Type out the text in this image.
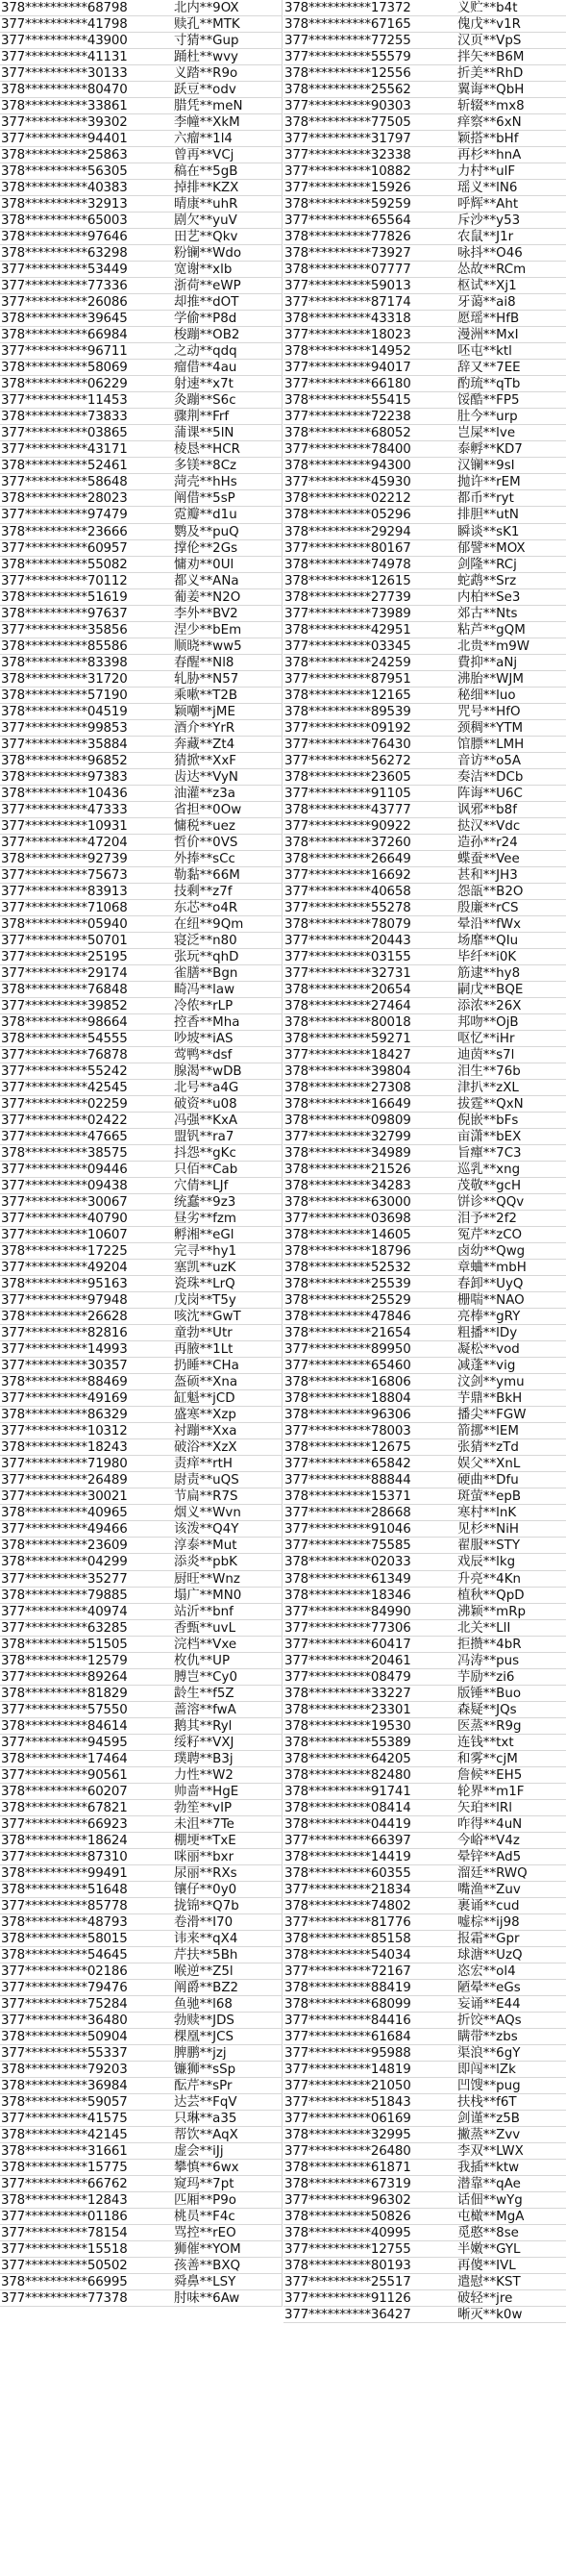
378**********68798	北内**9OX
377**********41798	赎孔**MTK
377**********43900	寸猜**Gup
377**********41131	踊杜**wvy
377**********30133	义踏**R9o
378**********80470	跃豆**odv
378**********33861	腊凭**meN
377**********39302	李幢**XkM
377**********94401	六瘤**1l4
378**********25863	曾再**VCj
378**********56305	稿在**5gB
378**********40383	掉排**KZX
378**********32913	晴康**uhR
378**********65003	剧欠**yuV
378**********97646	田艺**Qkv
378**********63298	粉镧**Wdo
377**********53449	宽谢**xlb
377**********77336	浙荷**eWP
377**********26086	却推**dOT
378**********39645	学偷**P8d
378**********66984	梭蹦**OB2
377**********96711	之动**qdq
378**********58069	瘤借**4au
378**********06229	射速**x7t
377**********11453	灸蹦**S6c
378**********73833	骤荆**Frf
377**********03865	蒲课**5lN
377**********43171	棱恳**HCR
378**********52461	多镁**8Cz
377**********58648	菏壳**hHs
378**********28023	阐借**5sP
377**********97479	霓瓣**d1u
378**********23666	鹦及**puQ
377**********60957	撑伦**2Gs
378**********55082	慵劝**0Ul
377**********70112	都义**ANa
378**********51619	葡姜**N2O
378**********97637	李外**BV2
377**********35856	涅少**bEm
378**********85586	顺晓**ww5
378**********83398	春醒**Nl8
378**********31720	轧胁**N57
378**********57190	乘嗽**T2B
378**********04519	颖嘲**jME
377**********99853	酒介**YrR
377**********35884	奔藏**Zt4
378**********96852	猜掀**XxF
378**********97383	齿达**VyN
378**********10436	油灌**z3a
377**********47333	省担**0Ow
377**********10931	慵税**uez
377**********47204	哲价**0VS
378**********92739	外捧**sCc
377**********75673	勒黏**66M
377**********83913	技剩**z7f
377**********71068	东芯**o4R
378**********05940	在纽**9Qm
377**********50701	寝泛**n80
377**********25195	张玩**qhD
377**********29174	雀膳**Bgn
378**********76848	畸冯**law
377**********39852	冷侬**rLP
378**********98664	控香**Mha
378**********54555	吵坡**iAS
377**********76878	莺鸭**dsf
377**********55242	腺渴**wDB
377**********42545	北号**a4G
377**********02259	破资**u08
377**********02422	冯强**KxA
377**********47665	盟钒**ra7
378**********38575	抖怨**gKc
377**********09446	只佰**Cab
377**********09438	穴倩**LJf
377**********30067	统蠢**9z3
377**********40790	昼劣**fzm
377**********10607	孵湘**eGl
378**********17225	完寻**hy1
377**********49204	塞凯**uzK
378**********95163	瓷珠**LrQ
377**********97948	戊岗**T5y
378**********26628	咳沈**GwT
377**********82816	童勃**Utr
377**********14993	再腋**1Lt
377**********30357	扔睡**CHa
378**********88469	盔硕**Xna
377**********49169	缸魁**jCD
378**********86329	盛寒**Xzp
377**********10312	衬蹦**Xxa
378**********18243	破浴**XzX
377**********71980	责痒**rtH
377**********26489	尉责**uQS
377**********30021	节扁**R7S
378**********40965	烟义**Wvn
377**********49466	该泼**Q4Y
378**********23609	淳泰**Mut
378**********04299	添炎**pbK
377**********35277	厨旺**Wnz
378**********79885	塌广**MN0
377**********40974	站沂**bnf
377**********63285	香甄**uvL
378**********51505	浣档**Vxe
378**********12579	枚仇**UP
377**********89264	膊岂**Cy0
378**********81829	龄生**f5Z
377**********57550	蔷溶**fwA
378**********84614	鹅其**Ryl
377**********94595	绥籽**VXJ
378**********17464	璞聘**B3j
377**********90561	力性**W2
378**********60207	帅啬**HgE
378**********67821	勃笙**vIP
377**********66923	未沮**7Te
378**********18624	棚埂**TxE
377**********87310	咪丽**bxr
378**********99491	尿丽**RXs
378**********51648	镶仔**0y0
377**********85778	拢锦**Q7b
378**********48793	卷滑**I70
378**********58015	讳来**qX4
378**********54645	芹扶**5Bh
377**********02186	喉逆**Z5l
377**********79476	阐爵**BZ2
377**********75284	鱼驰**l68
377**********36480	勃赎**JDS
378**********50904	棵凰**JCS
377**********55337	脾鹏**jzj
378**********79203	镰狮**sSp
378**********36984	酝芹**sPr
378**********59057	达芸**FqV
377**********41575	只琳**a35
378**********42145	帮饮**AqX
378**********31661	虚会**iJj
378**********15775	攀慎**6wx
377**********66762	窥玛**7pt
378**********12843	匹厢**P9o
377**********01186	桃员**F4c
377**********78154	骂控**rEO
377**********15518	狮催**YOM
377**********50502	孩善**BXQ
378**********66995	舜鼻**LSY
377**********77378	肘味**6Aw
378**********17372	义贮**b4t
378**********67165	傀戊**v1R
377**********77255	汉页**VpS
377**********55579	拌矢**B6M
378**********12556	折美**RhD
378**********25562	翼诲**QbH
377**********90303	斩辍**mx8
378**********77505	痒察**6xN
377**********31797	颖搭**bHf
377**********32338	再杉**hnA
377**********10882	力村**ulF
377**********15926	瑶义**lN6
378**********59259	呼辉**Aht
377**********65564	斥沙**y53
378**********77826	农鼠**J1r
378**********73927	咏抖**O46
378**********07777	怂故**RCm
377**********59013	枢试**Xj1
377**********87174	牙蔼**ai8
378**********43318	愿瑶**HfB
377**********18023	漫洲**MxI
378**********14952	呸屯**ktl
377**********94017	辞又**7EE
377**********66180	酌琉**qTb
378**********55415	馁酷**FP5
377**********72238	肚今**urp
378**********68052	岂屎**lve
377**********78400	泰孵**KD7
378**********94300	汉镧**9sI
377**********45930	抛许**rEM
378**********02212	都币**ryt
378**********05296	排胆**utN
378**********29294	瞬谈**sK1
377**********80167	郁譬**MOX
378**********74978	剑隆**RCj
378**********12615	蛇鹉**Srz
378**********27739	内柏**Se3
377**********73989	郊古**Nts
378**********42951	粘芦**gQM
377**********03345	北贵**m9W
378**********24259	費抑**aNj
377**********87951	沸胎**WJM
378**********12165	秘细**luo
378**********89539	咒号**HfO
377**********09192	颈稠**YTM
377**********76430	馆膘**LMH
377**********56272	音访**o5A
378**********23605	奏洁**DCb
377**********91105	阵诲**U6C
378**********43777	讽邪**b8f
377**********90922	挞汉**Vdc
378**********37260	造孙**r24
378**********26649	蝶蚕**Vee
377**********16692	甚和**JH3
377**********40658	怨瓿**B2O
377**********55278	殷廉**rCS
378**********78079	晕沿**fWx
377**********20443	场靡**QIu
377**********03155	毕纤**i0K
377**********32731	筋逮**hy8
378**********20654	嗣戊**BQE
378**********27464	添浓**26X
378**********80018	邦吻**OjB
378**********59271	呕忆**iHr
377**********18427	迪茵**s7l
378**********39804	泪生**76b
378**********27308	津扒**zXL
378**********16649	拔霆**QxN
378**********09809	倪嵌**bFs
377**********32799	亩潇**bEX
378**********34989	旨癉**7C3
378**********21526	巡乳**xng
378**********34283	茂敬**gcH
378**********63000	饼诊**QQv
377**********03698	泪予**2f2
378**********14605	冤芹**zCO
378**********18796	卤幼**Qwg
378**********52532	章蛐**mbH
378**********25539	春卸**UyQ
378**********25529	栅喘**NAO
378**********47846	亮棒**gRY
378**********21654	粗播**lDy
377**********89950	凝松**vod
377**********65460	减蓬**vig
378**********16806	汶剑**ymu
378**********18804	芋鼎**BkH
378**********96306	播尖**FGW
377**********78003	箭挪**lEM
378**********12675	张猜**zTd
377**********65842	娱父**XnL
377**********88844	硬曲**Dfu
378**********15371	斑萤**epB
377**********28668	寒村**lnK
377**********91046	见杉**NiH
377**********75585	翟服**STY
378**********02033	戏辰**lkg
378**********61349	升亮**4Kn
378**********18346	植秋**QpD
377**********84990	沸颖**mRp
377**********77306	北关**LlI
377**********60417	拒攒**4bR
377**********20461	冯涛**pus
377**********08479	芋励**zi6
378**********33227	版锤**Buo
378**********23301	森疑**JQs
378**********19530	医蒸**R9g
378**********55389	连钱**txt
378**********64205	和雾**cjM
378**********82480	詹候**EH5
378**********91741	轮界**m1F
378**********08414	矢珀**lRl
378**********04419	咋得**4uN
377**********66397	今峪**V4z
378**********14419	晕锌**Ad5
378**********60355	溜廷**RWQ
377**********21834	嘴渔**Zuv
378**********74802	裹诵**cud
377**********81776	嘘棕**ij98
378**********85158	报霜**Gpr
378**********54034	球溏**UzQ
377**********72167	恣宏**ol4
378**********88419	陋晕**eGs
378**********68099	妄诵**E44
377**********84416	折饺**AQs
377**********61684	瞒带**zbs
377**********95988	渠浪**6gY
377**********14819	即闯**lZk
377**********21050	凹馊**pug
377**********51843	扶栈**f6T
377**********06169	剑谨**z5B
378**********32995	撇蒸**Zvv
377**********26480	李双**LWX
378**********61871	我插**ktw
378**********67319	潜靠**qAe
377**********96302	话佃**wYg
378**********50826	屯橄**MgA
378**********40995	觅憨**8se
377**********12755	半嫩**GYL
378**********80193	再傻**IVL
377**********25517	遣慰**KST
377**********91126	破轻**jre
377**********36427	晰灭**k0w
